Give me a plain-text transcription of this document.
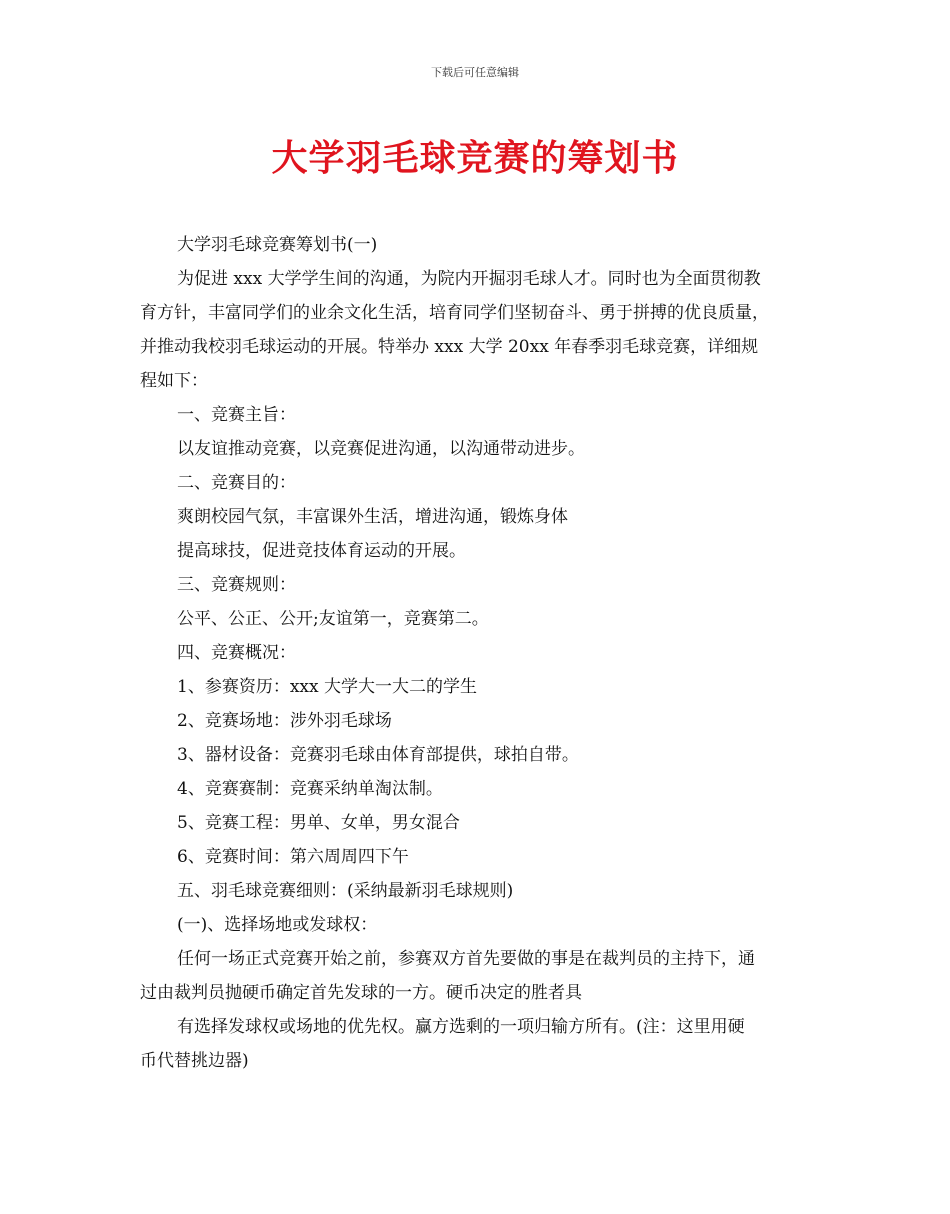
下载后可任意编辑
大学羽毛球竞赛的筹划书
大学羽毛球竞赛筹划书(一)
为促进 xxx 大学学生间的沟通，为院内开掘羽毛球人才。同时也为全面贯彻教
育方针，丰富同学们的业余文化生活，培育同学们坚韧奋斗、勇于拼搏的优良质量，
并推动我校羽毛球运动的开展。特举办 xxx 大学 20xx 年春季羽毛球竞赛，详细规
程如下：
一、竞赛主旨：
以友谊推动竞赛，以竞赛促进沟通，以沟通带动进步。
二、竞赛目的：
爽朗校园气氛，丰富课外生活，增进沟通，锻炼身体
提高球技，促进竞技体育运动的开展。
三、竞赛规则：
公平、公正、公开;友谊第一，竞赛第二。
四、竞赛概况：
1、参赛资历：xxx 大学大一大二的学生
2、竞赛场地：涉外羽毛球场
3、器材设备：竞赛羽毛球由体育部提供，球拍自带。
4、竞赛赛制：竞赛采纳单淘汰制。
5、竞赛工程：男单、女单，男女混合
6、竞赛时间：第六周周四下午
五、羽毛球竞赛细则：(采纳最新羽毛球规则)
(一)、选择场地或发球权：
任何一场正式竞赛开始之前，参赛双方首先要做的事是在裁判员的主持下，通
过由裁判员抛硬币确定首先发球的一方。硬币决定的胜者具
有选择发球权或场地的优先权。赢方选剩的一项归输方所有。(注：这里用硬
币代替挑边器)
